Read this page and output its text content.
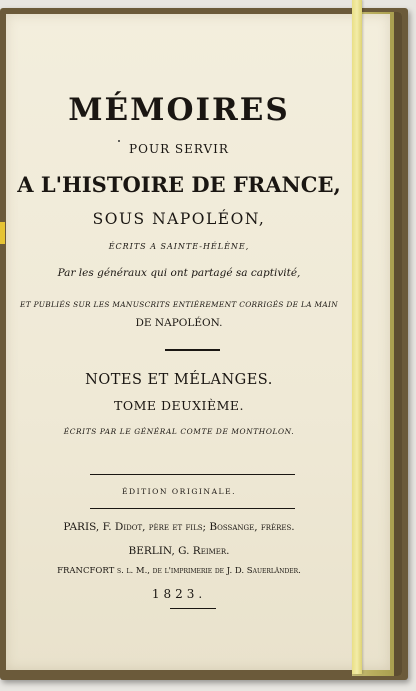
MÉMOIRES

POUR SERVIR

A L'HISTOIRE DE FRANCE,

SOUS NAPOLÉON,

ÉCRITS A SAINTE-HÉLÈNE,

Par les généraux qui ont partagé sa captivité,

ET PUBLIÉS SUR LES MANUSCRITS ENTIÈREMENT CORRIGÉS DE LA MAIN

DE NAPOLÉON.

NOTES ET MÉLANGES.

TOME DEUXIÈME.

ÉCRITS PAR LE GÉNÉRAL COMTE DE MONTHOLON.

ÉDITION ORIGINALE.

PARIS, F. Didot, père et fils; Bossange, frères.

BERLIN, G. Reimer.

FRANCFORT s. l. M., de l'imprimerie de J. D. Sauerländer.

1823.
